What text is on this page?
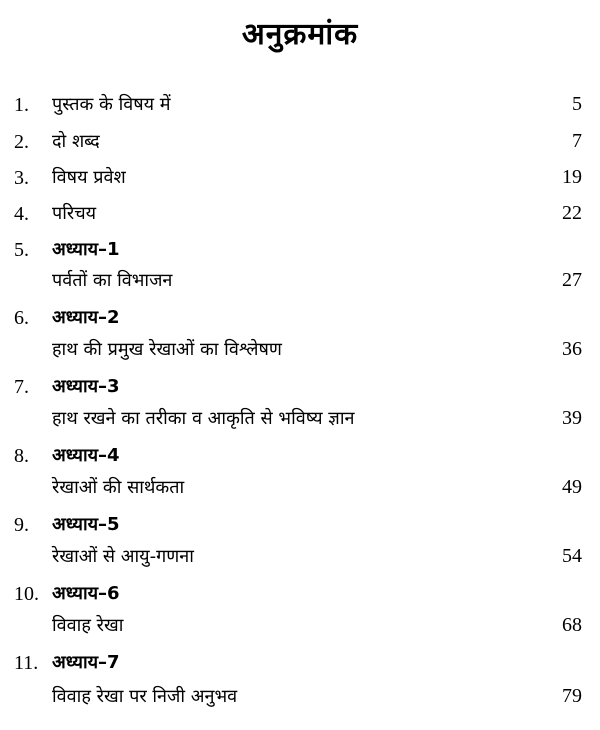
अनुक्रमांक
1. पुस्तक के विषय में	5
2. दो शब्द	7
3. विषय प्रवेश	19
4. परिचय	22
5. अध्याय–1
पर्वतों का विभाजन	27
6. अध्याय–2
हाथ की प्रमुख रेखाओं का विश्लेषण	36
7. अध्याय–3
हाथ रखने का तरीका व आकृति से भविष्य ज्ञान	39
8. अध्याय–4
रेखाओं की सार्थकता	49
9. अध्याय–5
रेखाओं से आयु-गणना	54
10. अध्याय–6
विवाह रेखा	68
11. अध्याय–7
विवाह रेखा पर निजी अनुभव	79
